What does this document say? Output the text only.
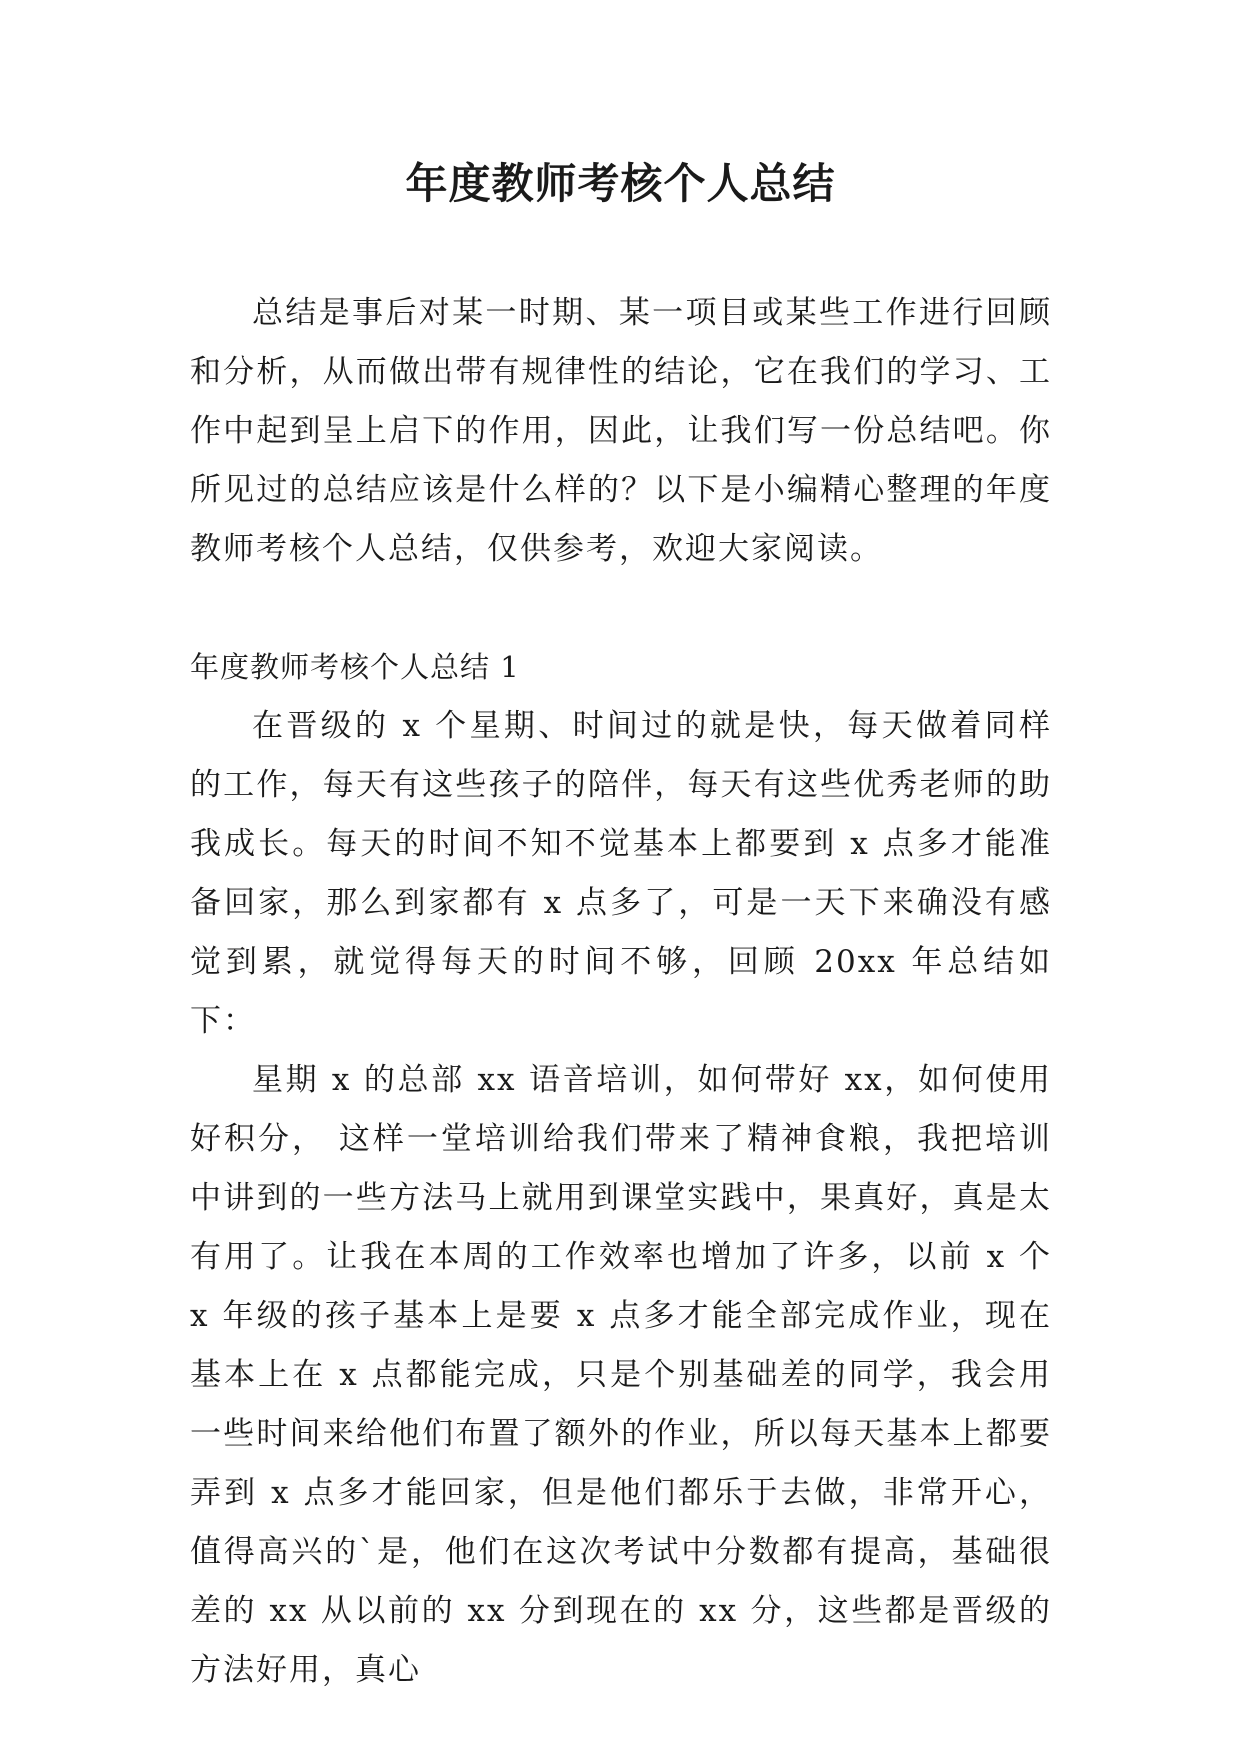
年度教师考核个人总结

总结是事后对某一时期、某一项目或某些工作进行回顾和分析，从而做出带有规律性的结论，它在我们的学习、工作中起到呈上启下的作用，因此，让我们写一份总结吧。你所见过的总结应该是什么样的？以下是小编精心整理的年度教师考核个人总结，仅供参考，欢迎大家阅读。

年度教师考核个人总结 1

在晋级的 x 个星期、时间过的就是快，每天做着同样的工作，每天有这些孩子的陪伴，每天有这些优秀老师的助我成长。每天的时间不知不觉基本上都要到 x 点多才能准备回家，那么到家都有 x 点多了，可是一天下来确没有感觉到累，就觉得每天的时间不够，回顾 20xx 年总结如下：

星期 x 的总部 xx 语音培训，如何带好 xx，如何使用好积分， 这样一堂培训给我们带来了精神食粮，我把培训中讲到的一些方法马上就用到课堂实践中，果真好，真是太有用了。让我在本周的工作效率也增加了许多，以前 x 个 x 年级的孩子基本上是要 x 点多才能全部完成作业，现在基本上在 x 点都能完成，只是个别基础差的同学，我会用一些时间来给他们布置了额外的作业，所以每天基本上都要弄到 x 点多才能回家，但是他们都乐于去做，非常开心，值得高兴的`是，他们在这次考试中分数都有提高，基础很差的 xx 从以前的 xx 分到现在的 xx 分，这些都是晋级的方法好用，真心
